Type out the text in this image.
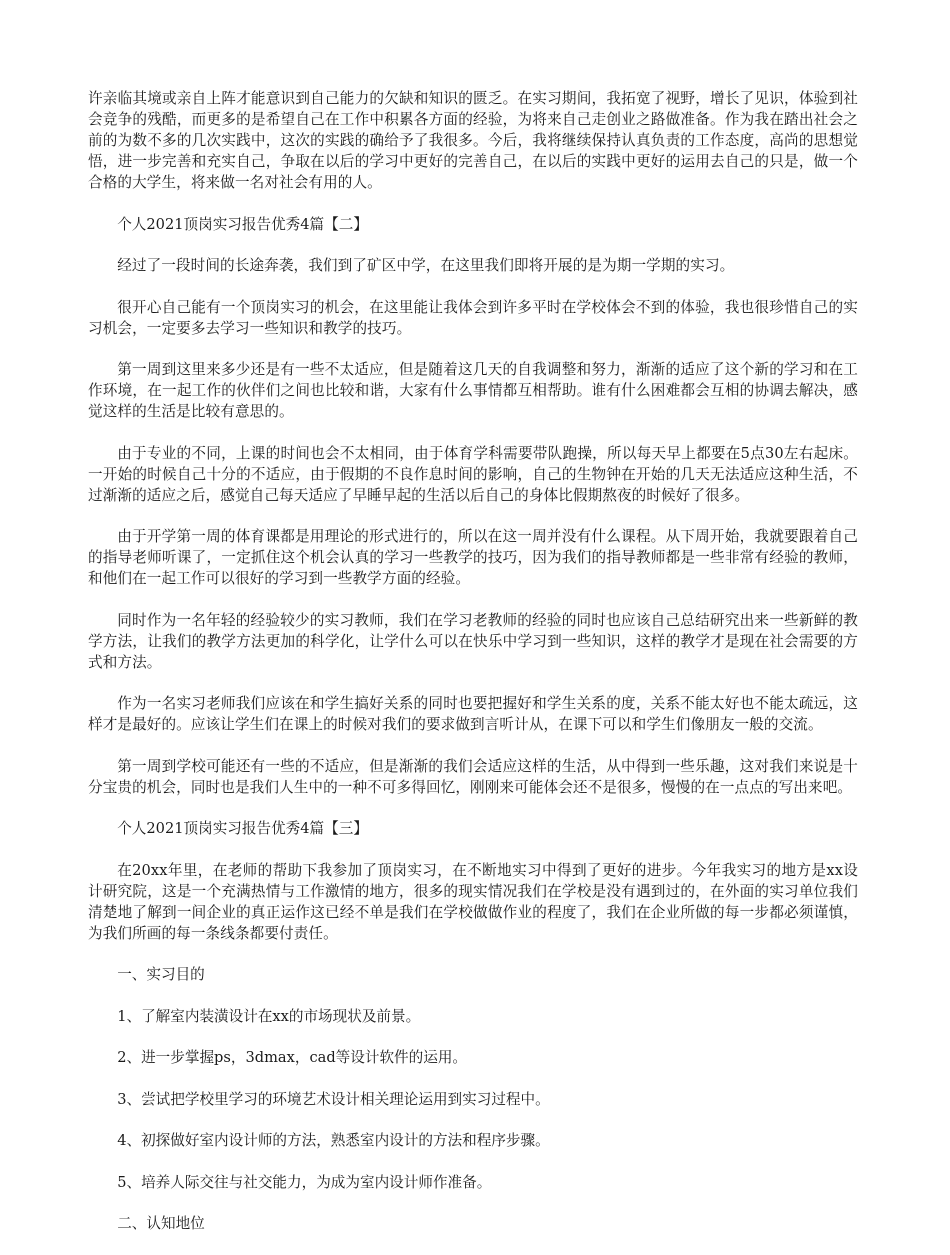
许亲临其境或亲自上阵才能意识到自己能力的欠缺和知识的匮乏。在实习期间，我拓宽了视野，增长了见识，体验到社会竞争的残酷，而更多的是希望自己在工作中积累各方面的经验，为将来自己走创业之路做准备。作为我在踏出社会之前的为数不多的几次实践中，这次的实践的确给予了我很多。今后，我将继续保持认真负责的工作态度，高尚的思想觉悟，进一步完善和充实自己，争取在以后的学习中更好的完善自己，在以后的实践中更好的运用去自己的只是，做一个合格的大学生，将来做一名对社会有用的人。

个人2021顶岗实习报告优秀4篇【二】

经过了一段时间的长途奔袭，我们到了矿区中学，在这里我们即将开展的是为期一学期的实习。

很开心自己能有一个顶岗实习的机会，在这里能让我体会到许多平时在学校体会不到的体验，我也很珍惜自己的实习机会，一定要多去学习一些知识和教学的技巧。

第一周到这里来多少还是有一些不太适应，但是随着这几天的自我调整和努力，渐渐的适应了这个新的学习和在工作环境，在一起工作的伙伴们之间也比较和谐，大家有什么事情都互相帮助。谁有什么困难都会互相的协调去解决，感觉这样的生活是比较有意思的。

由于专业的不同，上课的时间也会不太相同，由于体育学科需要带队跑操，所以每天早上都要在5点30左右起床。一开始的时候自己十分的不适应，由于假期的不良作息时间的影响，自己的生物钟在开始的几天无法适应这种生活，不过渐渐的适应之后，感觉自己每天适应了早睡早起的生活以后自己的身体比假期熬夜的时候好了很多。

由于开学第一周的体育课都是用理论的形式进行的，所以在这一周并没有什么课程。从下周开始，我就要跟着自己的指导老师听课了，一定抓住这个机会认真的学习一些教学的技巧，因为我们的指导教师都是一些非常有经验的教师，和他们在一起工作可以很好的学习到一些教学方面的经验。

同时作为一名年轻的经验较少的实习教师，我们在学习老教师的经验的同时也应该自己总结研究出来一些新鲜的教学方法，让我们的教学方法更加的科学化，让学什么可以在快乐中学习到一些知识，这样的教学才是现在社会需要的方式和方法。

作为一名实习老师我们应该在和学生搞好关系的同时也要把握好和学生关系的度，关系不能太好也不能太疏远，这样才是最好的。应该让学生们在课上的时候对我们的要求做到言听计从，在课下可以和学生们像朋友一般的交流。

第一周到学校可能还有一些的不适应，但是渐渐的我们会适应这样的生活，从中得到一些乐趣，这对我们来说是十分宝贵的机会，同时也是我们人生中的一种不可多得回忆，刚刚来可能体会还不是很多，慢慢的在一点点的写出来吧。

个人2021顶岗实习报告优秀4篇【三】

在20xx年里，在老师的帮助下我参加了顶岗实习，在不断地实习中得到了更好的进步。今年我实习的地方是xx设计研究院，这是一个充满热情与工作激情的地方，很多的现实情况我们在学校是没有遇到过的，在外面的实习单位我们清楚地了解到一间企业的真正运作这已经不单是我们在学校做做作业的程度了，我们在企业所做的每一步都必须谨慎，为我们所画的每一条线条都要付责任。

一、实习目的

1、了解室内装潢设计在xx的市场现状及前景。

2、进一步掌握ps，3dmax，cad等设计软件的运用。

3、尝试把学校里学习的环境艺术设计相关理论运用到实习过程中。

4、初探做好室内设计师的方法，熟悉室内设计的方法和程序步骤。

5、培养人际交往与社交能力，为成为室内设计师作准备。

二、认知地位
